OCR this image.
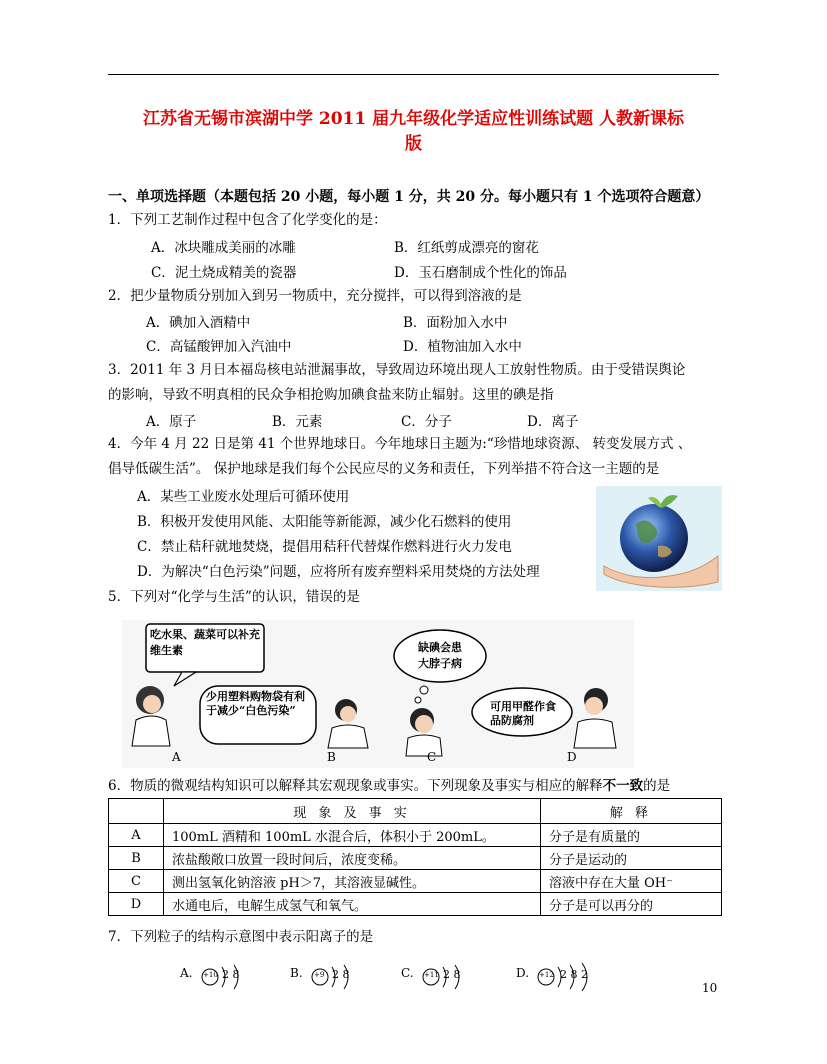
江苏省无锡市滨湖中学 2011 届九年级化学适应性训练试题 人教新课标
版
一、单项选择题（本题包括 20 小题，每小题 1 分，共 20 分。每小题只有 1 个选项符合题意）
1．下列工艺制作过程中包含了化学变化的是：
A．冰块雕成美丽的冰雕	B．红纸剪成漂亮的窗花
C．泥土烧成精美的瓷器	D．玉石磨制成个性化的饰品
2．把少量物质分别加入到另一物质中，充分搅拌，可以得到溶液的是
A．碘加入酒精中	B．面粉加入水中
C．高锰酸钾加入汽油中	D．植物油加入水中
3．2011 年 3 月日本福岛核电站泄漏事故，导致周边环境出现人工放射性物质。由于受错误舆论
的影响，导致不明真相的民众争相抢购加碘食盐来防止辐射。这里的碘是指
A．原子	B．元素	C．分子	D．离子
4．今年 4 月 22 日是第 41 个世界地球日。今年地球日主题为:“珍惜地球资源、 转变发展方式 、
倡导低碳生活”。 保护地球是我们每个公民应尽的义务和责任，下列举措不符合这一主题的是
A．某些工业废水处理后可循环使用
B．积极开发使用风能、太阳能等新能源，减少化石燃料的使用
C．禁止秸秆就地焚烧，提倡用秸秆代替煤作燃料进行火力发电
D．为解决“白色污染”问题，应将所有废弃塑料采用焚烧的方法处理
5．下列对“化学与生活”的认识，错误的是
吃水果、蔬菜可以补充维生素
少用塑料购物袋有利于减少“白色污染”
缺碘会患大脖子病
可用甲醛作食品防腐剂
A	B	C	D
6．物质的微观结构知识可以解释其宏观现象或事实。下列现象及事实与相应的解释不一致的是
	现 象 及 事 实	解 释
A	100mL 酒精和 100mL 水混合后，体积小于 200mL。	分子是有质量的
B	浓盐酸敞口放置一段时间后，浓度变稀。	分子是运动的
C	测出氢氧化钠溶液 pH＞7，其溶液显碱性。	溶液中存在大量 OH⁻
D	水通电后，电解生成氢气和氧气。	分子是可以再分的
7．下列粒子的结构示意图中表示阳离子的是
A. +10 2 8	B. +9 2 8	C. +11 2 8	D. +12 2 8 2
10
